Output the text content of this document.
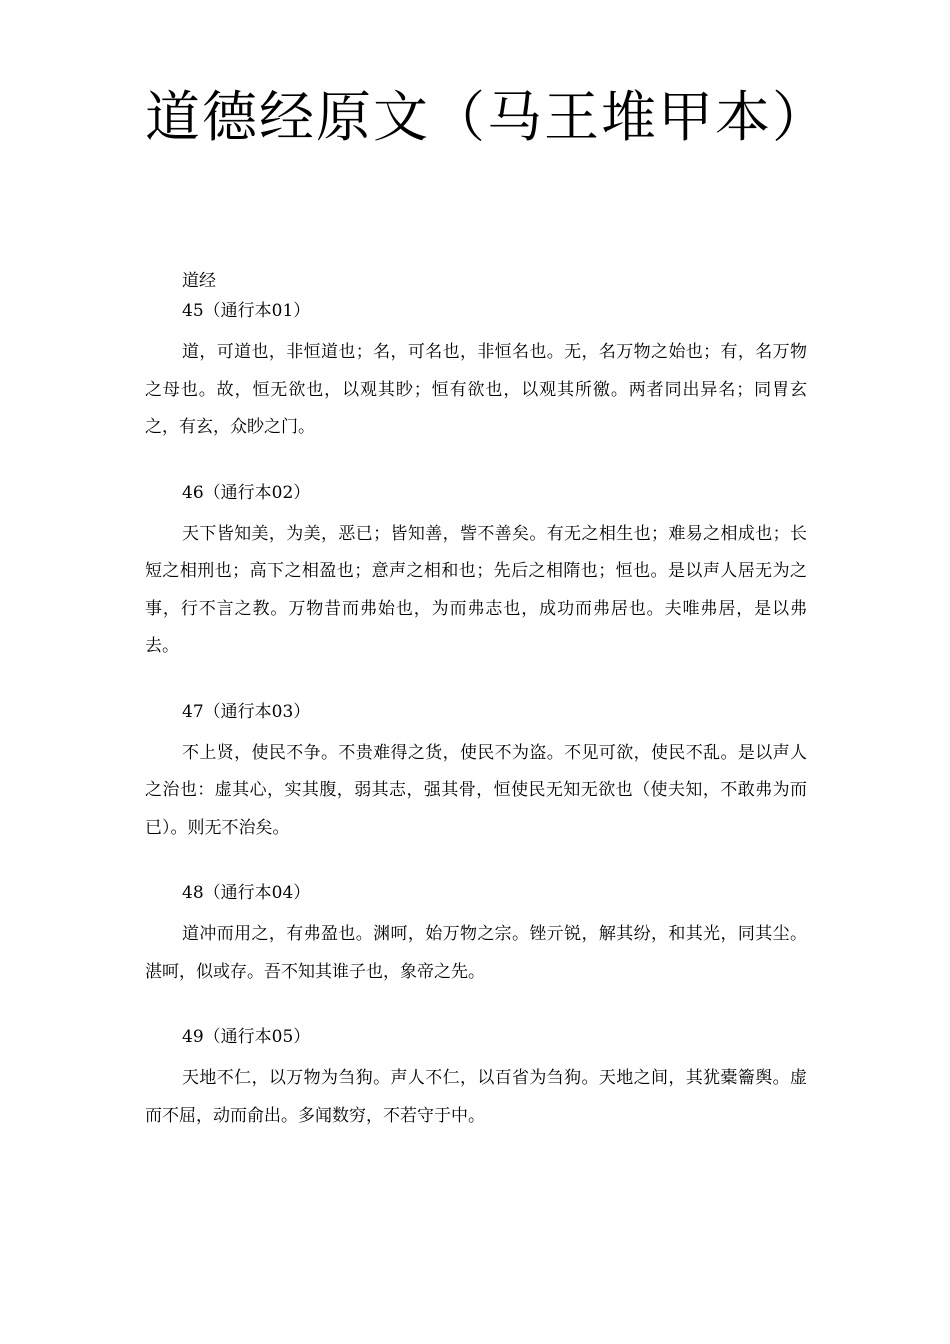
道德经原文（马王堆甲本）

道经

45（通行本01）

道，可道也，非恒道也；名，可名也，非恒名也。无，名万物之始也；有，名万物之母也。故，恒无欲也，以观其眇；恒有欲也，以观其所徼。两者同出异名；同胃玄之，有玄，众眇之门。

46（通行本02）

天下皆知美，为美，恶已；皆知善，訾不善矣。有无之相生也；难易之相成也；长短之相刑也；高下之相盈也；意声之相和也；先后之相隋也；恒也。是以声人居无为之事，行不言之教。万物昔而弗始也，为而弗志也，成功而弗居也。夫唯弗居，是以弗去。

47（通行本03）

不上贤，使民不争。不贵难得之货，使民不为盗。不见可欲，使民不乱。是以声人之治也：虚其心，实其腹，弱其志，强其骨，恒使民无知无欲也（使夫知，不敢弗为而已）。则无不治矣。

48（通行本04）

道冲而用之，有弗盈也。渊呵，始万物之宗。锉亓锐，解其纷，和其光，同其尘。湛呵，似或存。吾不知其谁子也，象帝之先。

49（通行本05）

天地不仁，以万物为刍狗。声人不仁，以百省为刍狗。天地之间，其犹橐籥舆。虚而不屈，动而俞出。多闻数穷，不若守于中。
